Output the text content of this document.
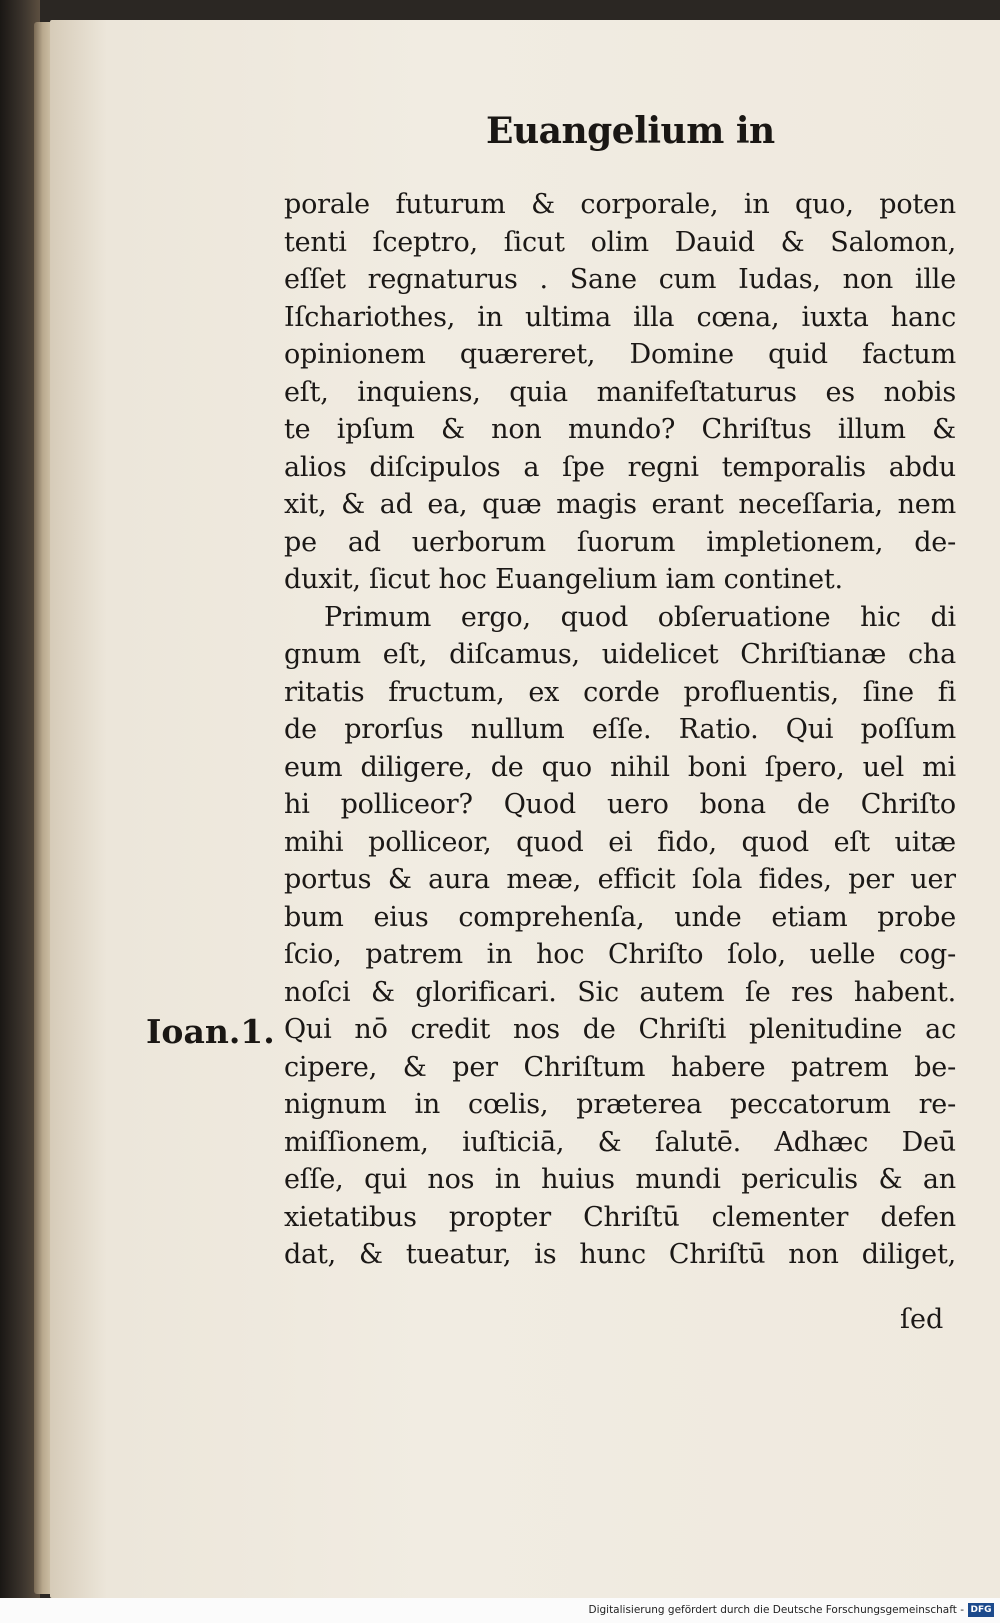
Euangelium in
Ioan.1.
porale futurum & corporale, in quo, poten
tenti ſceptro, ſicut olim Dauid & Salomon,
eſſet regnaturus . Sane cum Iudas, non ille
Iſchariothes, in ultima illa cœna, iuxta hanc
opinionem quæreret, Domine quid factum
eſt, inquiens, quia manifeſtaturus es nobis
te ipſum & non mundo? Chriſtus illum &
alios diſcipulos a ſpe regni temporalis abdu
xit, & ad ea, quæ magis erant neceſſaria, nem
pe ad uerborum ſuorum impletionem, de-
duxit, ſicut hoc Euangelium iam continet.
Primum ergo, quod obſeruatione hic di
gnum eſt, diſcamus, uidelicet Chriſtianæ cha
ritatis fructum, ex corde profluentis, ſine fi
de prorſus nullum eſſe. Ratio. Qui poſſum
eum diligere, de quo nihil boni ſpero, uel mi
hi polliceor? Quod uero bona de Chriſto
mihi polliceor, quod ei fido, quod eſt uitæ
portus & aura meæ, efficit ſola fides, per uer
bum eius comprehenſa, unde etiam probe
ſcio, patrem in hoc Chriſto ſolo, uelle cog-
noſci & glorificari. Sic autem ſe res habent.
Qui nō credit nos de Chriſti plenitudine ac
cipere, & per Chriſtum habere patrem be-
nignum in cœlis, præterea peccatorum re-
miſſionem, iuſticiā, & ſalutē. Adhæc Deū
eſſe, qui nos in huius mundi periculis & an
xietatibus propter Chriſtū clementer defen
dat, & tueatur, is hunc Chriſtū non diliget,
ſed
Digitalisierung gefördert durch die Deutsche Forschungsgemeinschaft - DFG
